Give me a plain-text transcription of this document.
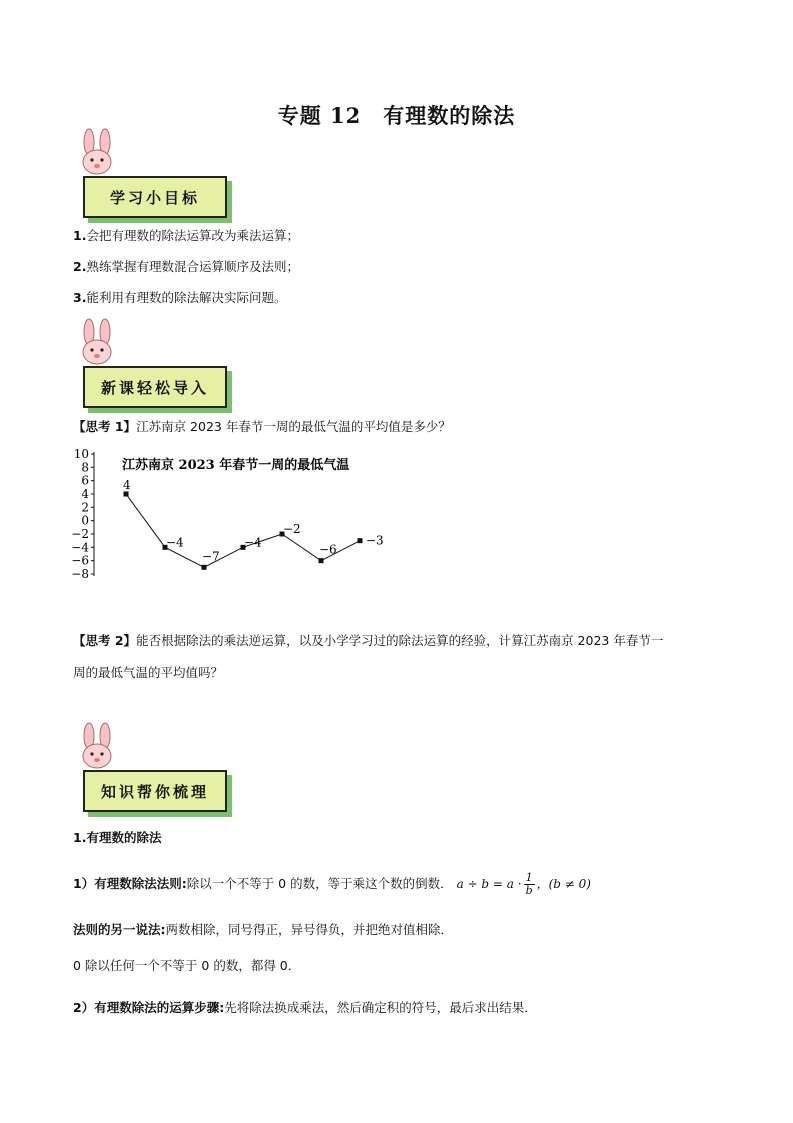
专题 12 有理数的除法
学习小目标
1.会把有理数的除法运算改为乘法运算；
2.熟练掌握有理数混合运算顺序及法则；
3.能利用有理数的除法解决实际问题。
新课轻松导入
【思考 1】江苏南京 2023 年春节一周的最低气温的平均值是多少？
江苏南京 2023 年春节一周的最低气温
10
8
6
4
2
0
−2
−4
−6
−8
4
−4
−7
−4
−2
−6
−3
【思考 2】能否根据除法的乘法逆运算，以及小学学习过的除法运算的经验，计算江苏南京 2023 年春节一
周的最低气温的平均值吗？
知识帮你梳理
1.有理数的除法
1）有理数除法法则:除以一个不等于 0 的数，等于乘这个数的倒数． $a \div b = a \cdot \frac{1}{b}$ ，(b ≠ 0)
法则的另一说法:两数相除，同号得正，异号得负，并把绝对值相除．
0 除以任何一个不等于 0 的数，都得 0．
2）有理数除法的运算步骤:先将除法换成乘法，然后确定积的符号，最后求出结果．
